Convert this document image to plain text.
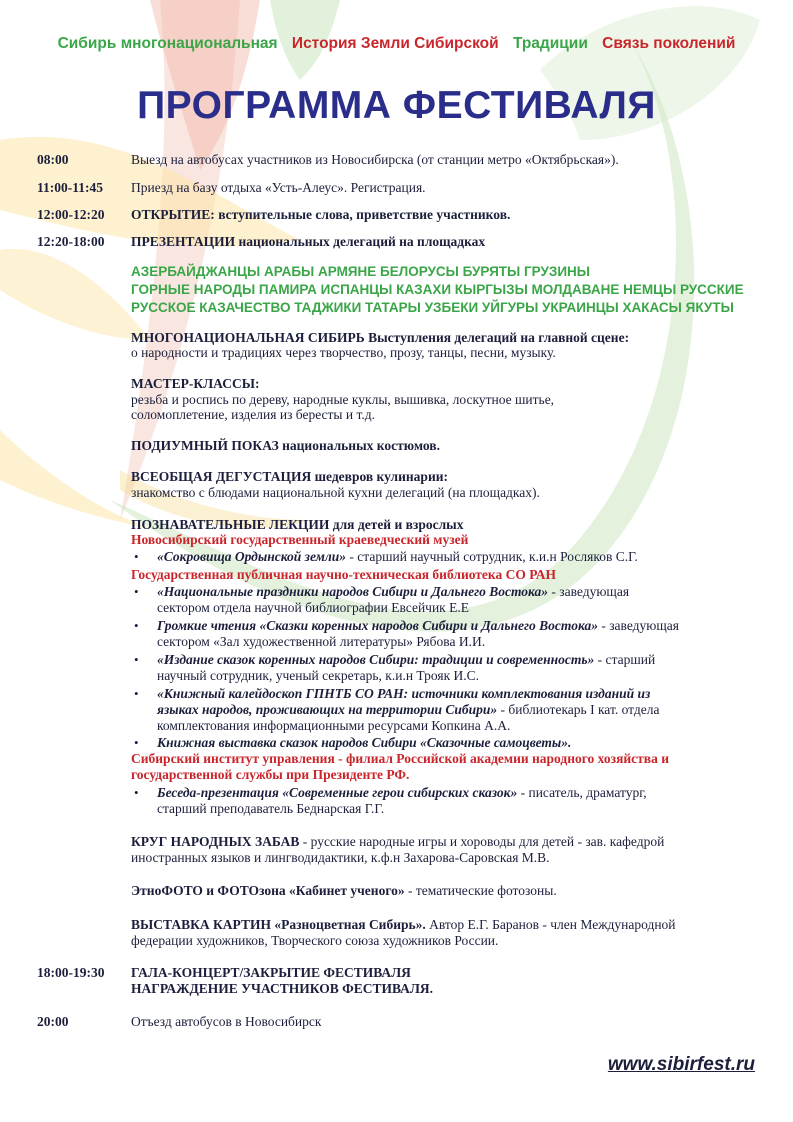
Сибирь многонациональная История Земли Сибирской Традиции Связь поколений
ПРОГРАММА ФЕСТИВАЛЯ
08:00	Выезд на автобусах участников из Новосибирска (от станции метро «Октябрьская»).
11:00-11:45 Приезд на базу отдыха «Усть-Алеус». Регистрация.
12:00-12:20 ОТКРЫТИЕ: вступительные слова, приветствие участников.
12:20-18:00 ПРЕЗЕНТАЦИИ национальных делегаций на площадках
АЗЕРБАЙДЖАНЦЫ АРАБЫ АРМЯНЕ БЕЛОРУСЫ БУРЯТЫ ГРУЗИНЫ
ГОРНЫЕ НАРОДЫ ПАМИРА ИСПАНЦЫ КАЗАХИ КЫРГЫЗЫ МОЛДАВАНЕ НЕМЦЫ РУССКИЕ
РУССКОЕ КАЗАЧЕСТВО ТАДЖИКИ ТАТАРЫ УЗБЕКИ УЙГУРЫ УКРАИНЦЫ ХАКАСЫ ЯКУТЫ
МНОГОНАЦИОНАЛЬНАЯ СИБИРЬ Выступления делегаций на главной сцене:
о народности и традициях через творчество, прозу, танцы, песни, музыку.
МАСТЕР-КЛАССЫ:
резьба и роспись по дереву, народные куклы, вышивка, лоскутное шитье,
соломоплетение, изделия из бересты и т.д.
ПОДИУМНЫЙ ПОКАЗ национальных костюмов.
ВСЕОБЩАЯ ДЕГУСТАЦИЯ шедевров кулинарии:
знакомство с блюдами национальной кухни делегаций (на площадках).
ПОЗНАВАТЕЛЬНЫЕ ЛЕКЦИИ для детей и взрослых
Новосибирский государственный краеведческий музей
• «Сокровища Ордынской земли» - старший научный сотрудник, к.и.н Росляков С.Г.
Государственная публичная научно-техническая библиотека СО РАН
• «Национальные праздники народов Сибири и Дальнего Востока» - заведующая
сектором отдела научной библиографии Евсейчик Е.Е
• Громкие чтения «Сказки коренных народов Сибири и Дальнего Востока» - заведующая
сектором «Зал художественной литературы» Рябова И.И.
• «Издание сказок коренных народов Сибири: традиции и современность» - старший
научный сотрудник, ученый секретарь, к.и.н Трояк И.С.
• «Книжный калейдоскоп ГПНТБ СО РАН: источники комплектования изданий из
языках народов, проживающих на территории Сибири» - библиотекарь I кат. отдела
комплектования информационными ресурсами Копкина А.А.
• Книжная выставка сказок народов Сибири «Сказочные самоцветы».
Сибирский институт управления - филиал Российской академии народного хозяйства и
государственной службы при Президенте РФ.
• Беседа-презентация «Современные герои сибирских сказок» - писатель, драматург,
старший преподаватель Беднарская Г.Г.
КРУГ НАРОДНЫХ ЗАБАВ - русские народные игры и хороводы для детей - зав. кафедрой
иностранных языков и лингводидактики, к.ф.н Захарова-Саровская М.В.
ЭтноФОТО и ФОТОзона «Кабинет ученого» - тематические фотозоны.
ВЫСТАВКА КАРТИН «Разноцветная Сибирь». Автор Е.Г. Баранов - член Международной
федерации художников, Творческого союза художников России.
18:00-19:30 ГАЛА-КОНЦЕРТ/ЗАКРЫТИЕ ФЕСТИВАЛЯ
НАГРАЖДЕНИЕ УЧАСТНИКОВ ФЕСТИВАЛЯ.
20:00	Отъезд автобусов в Новосибирск
www.sibirfest.ru
